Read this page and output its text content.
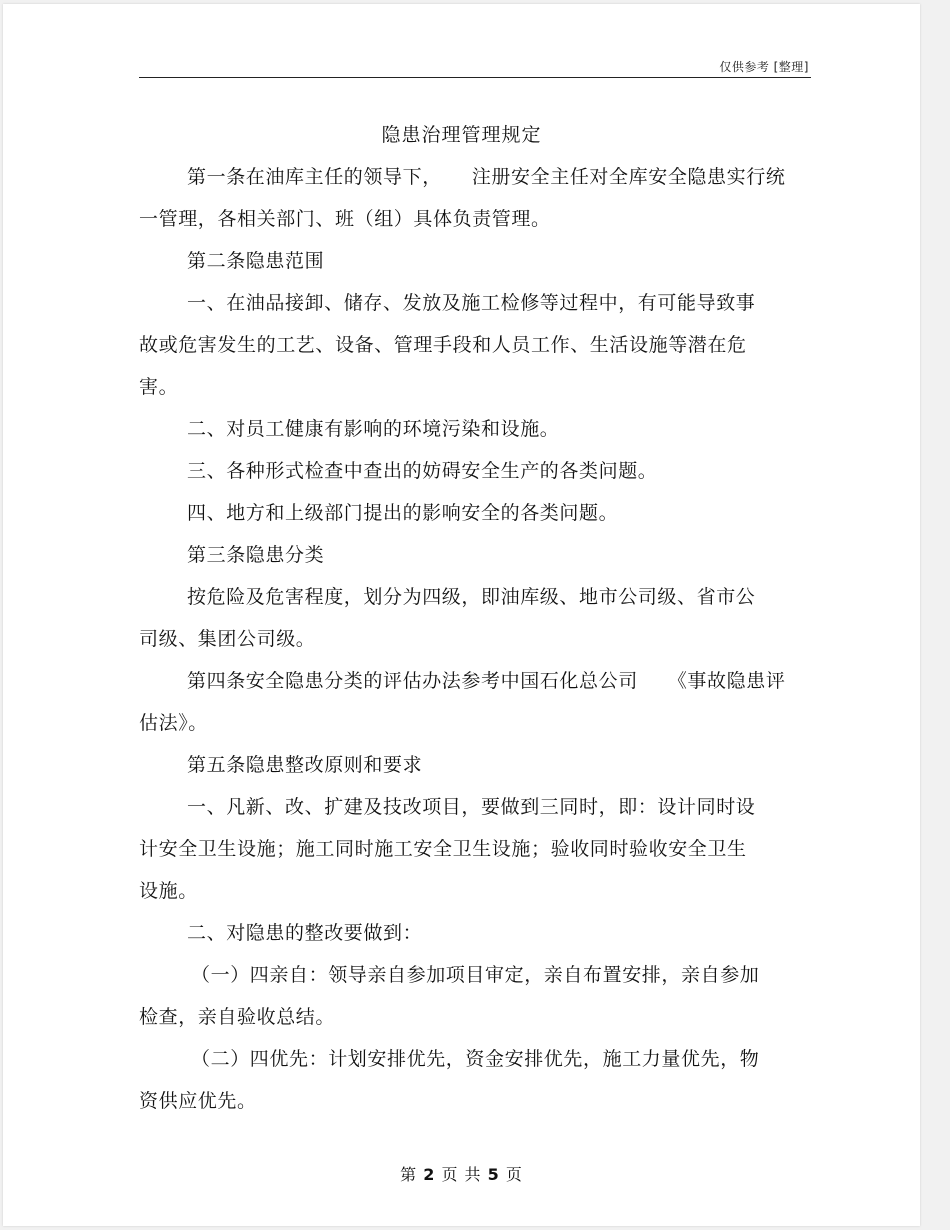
仅供参考 [整理]
隐患治理管理规定
第一条在油库主任的领导下， 注册安全主任对全库安全隐患实行统
一管理，各相关部门、班（组）具体负责管理。
第二条隐患范围
一、在油品接卸、储存、发放及施工检修等过程中，有可能导致事
故或危害发生的工艺、设备、管理手段和人员工作、生活设施等潜在危
害。
二、对员工健康有影响的环境污染和设施。
三、各种形式检查中查出的妨碍安全生产的各类问题。
四、地方和上级部门提出的影响安全的各类问题。
第三条隐患分类
按危险及危害程度，划分为四级，即油库级、地市公司级、省市公
司级、集团公司级。
第四条安全隐患分类的评估办法参考中国石化总公司 《事故隐患评
估法》。
第五条隐患整改原则和要求
一、凡新、改、扩建及技改项目，要做到三同时，即：设计同时设
计安全卫生设施；施工同时施工安全卫生设施；验收同时验收安全卫生
设施。
二、对隐患的整改要做到：
（一）四亲自：领导亲自参加项目审定，亲自布置安排，亲自参加
检查，亲自验收总结。
（二）四优先：计划安排优先，资金安排优先，施工力量优先，物
资供应优先。
第 2 页 共 5 页
